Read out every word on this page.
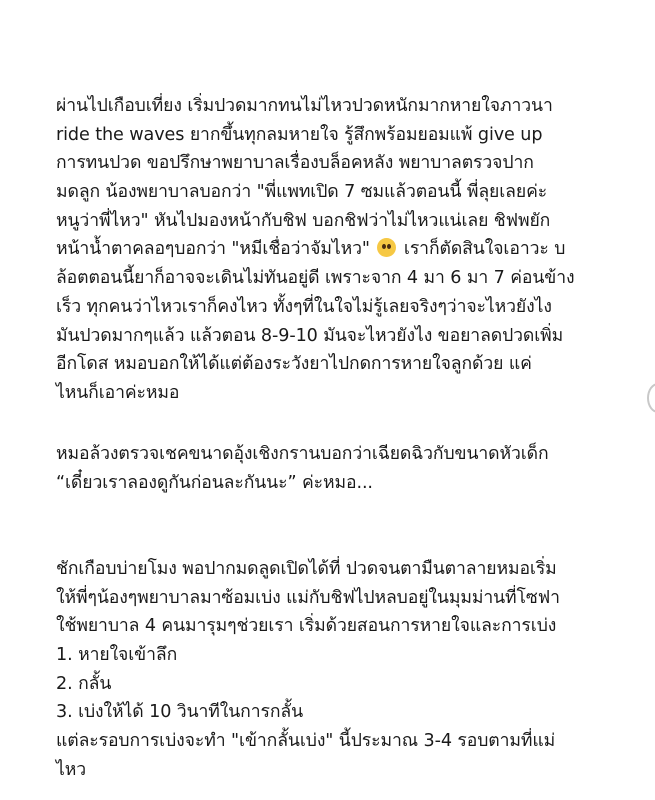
ผ่านไปเกือบเที่ยง เริ่มปวดมากทนไม่ไหวปวดหนักมากหายใจภาวนา
ride the waves ยากขึ้นทุกลมหายใจ รู้สึกพร้อมยอมแพ้ give up
การทนปวด ขอปรึกษาพยาบาลเรื่องบล็อคหลัง พยาบาลตรวจปาก
มดลูก น้องพยาบาลบอกว่า "พี่แพทเปิด 7 ซมแล้วตอนนี้ พี่ลุยเลยค่ะ
หนูว่าพี่ไหว" หันไปมองหน้ากับชิฟ บอกชิฟว่าไม่ไหวแน่เลย ชิฟพยัก
หน้าน้ำตาคลอๆบอกว่า "หมีเชื่อว่าจัมไหว" เราก็ตัดสินใจเอาวะ บ
ล้อตตอนนี้ยาก็อาจจะเดินไม่ทันอยู่ดี เพราะจาก 4 มา 6 มา 7 ค่อนข้าง
เร็ว ทุกคนว่าไหวเราก็คงไหว ทั้งๆที่ในใจไม่รู้เลยจริงๆว่าจะไหวยังไง
มันปวดมากๆแล้ว แล้วตอน 8-9-10 มันจะไหวยังไง ขอยาลดปวดเพิ่ม
อีกโดส หมอบอกให้ได้แต่ต้องระวังยาไปกดการหายใจลูกด้วย แค่
ไหนก็เอาค่ะหมอ
หมอล้วงตรวจเชคขนาดอุ้งเชิงกรานบอกว่าเฉียดฉิวกับขนาดหัวเด็ก
“เดี๋ยวเราลองดูกันก่อนละกันนะ” ค่ะหมอ...
ชักเกือบบ่ายโมง พอปากมดลูดเปิดได้ที่ ปวดจนตามืนตาลายหมอเริ่ม
ให้พี่ๆน้องๆพยาบาลมาซ้อมเบ่ง แม่กับชิฟไปหลบอยู่ในมุมม่านที่โซฟา
ใช้พยาบาล 4 คนมารุมๆช่วยเรา เริ่มด้วยสอนการหายใจและการเบ่ง
1. หายใจเข้าลึก
2. กลั้น
3. เบ่งให้ได้ 10 วินาทีในการกลั้น
แต่ละรอบการเบ่งจะทำ "เข้ากลั้นเบ่ง" นี้ประมาณ 3-4 รอบตามที่แม่
ไหว
